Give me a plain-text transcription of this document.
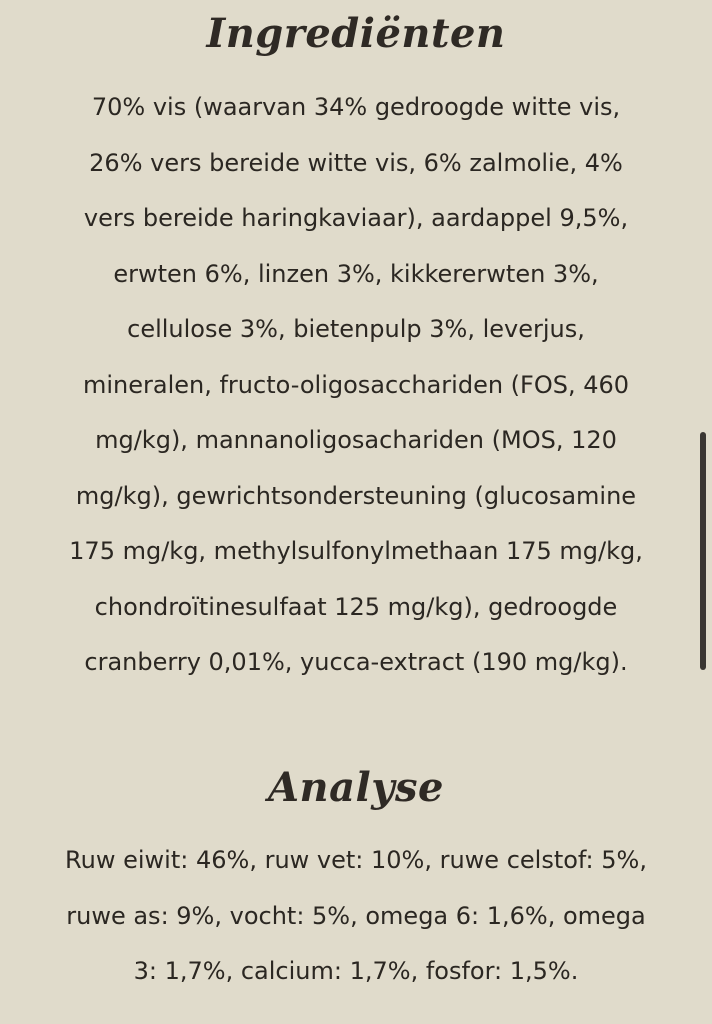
Ingrediënten

70% vis (waarvan 34% gedroogde witte vis,
26% vers bereide witte vis, 6% zalmolie, 4%
vers bereide haringkaviaar), aardappel 9,5%,
erwten 6%, linzen 3%, kikkererwten 3%,
cellulose 3%, bietenpulp 3%, leverjus,
mineralen, fructo-oligosacchariden (FOS, 460
mg/kg), mannanoligosachariden (MOS, 120
mg/kg), gewrichtsondersteuning (glucosamine
175 mg/kg, methylsulfonylmethaan 175 mg/kg,
chondroïtinesulfaat 125 mg/kg), gedroogde
cranberry 0,01%, yucca-extract (190 mg/kg).

Analyse

Ruw eiwit: 46%, ruw vet: 10%, ruwe celstof: 5%,
ruwe as: 9%, vocht: 5%, omega 6: 1,6%, omega
3: 1,7%, calcium: 1,7%, fosfor: 1,5%.
